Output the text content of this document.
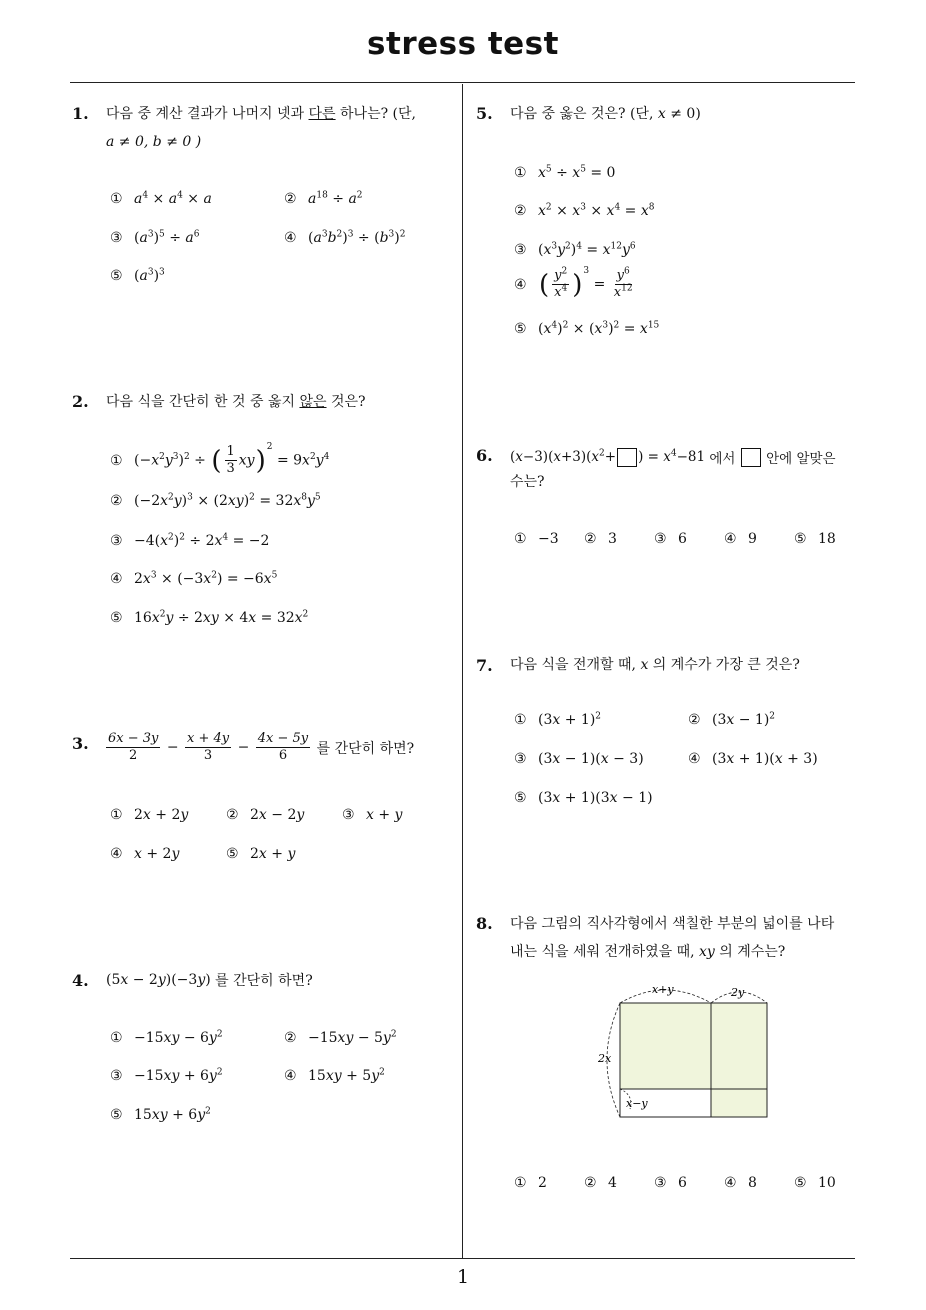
stress test
1
1. 다음 중 계산 결과가 나머지 넷과 다른 하나는? (단,
a ≠ 0, b ≠ 0 )
① $a^4 \times a^4 \times a$	② $a^{18} \div a^2$
③ $(a^3)^5 \div a^6$	④ $(a^3b^2)^3 \div (b^3)^2$
⑤ $(a^3)^3$
2. 다음 식을 간단히 한 것 중 옳지 않은 것은?
① $(-x^2y^3)^2$ ÷ ( $\frac{1}{3} xy)^2 = 9x^2y^4$
② $(-2x^2y)^3 \times (2xy)^2 = 32x^8y^5$
③ $-4(x^2)^2 \div 2x^4 = -2$
④ $2x^3 \times (-3x^2) = -6x^5$
⑤ $16x^2y \div 2xy \times 4x = 32x^2$
3. $\frac{6x - 3y}{2} - \frac{x + 4y}{3} - \frac{4x - 5y}{6}$
를 간단히 하면?
① 2x + 2y	② 2x − 2y	③ x + y
④ x + 2y	⑤ 2x + y
4. (5x − 2y)(−3y)
를 간단히 하면?
① $-15xy - 6y^2$	② $-15xy - 5y^2$
③ $-15xy + 6y^2$	④ $15xy + 5y^2$
⑤ $15xy + 6y^2$
5. 다음 중 옳은 것은? (단, x ≠ 0)
① $x^5 \div x^5 = 0$
② $x^2 \times x^3 \times x^4 = x^8$
③ $(x^3y^2)^4 = x^{12}y^6$
④ ( $\frac{y^2}{x^4} )^3 = \frac{y^6}{x^{12}}$
⑤ $(x^4)^2 \times (x^3)^2 = x^{15}$
6. $(x-3)(x+3)(x^2+$ ) = $x^4-81$
에서

안에 알맞은
수는?
① −3 ② 3	③ 6	④ 9	⑤ 18
7. 다음 식을 전개할 때, x 의 계수가 가장 큰 것은?
① $(3x + 1)^2$	② $(3x - 1)^2$
③ (3x − 1)(x − 3)	④ (3x + 1)(x + 3)
⑤ (3x + 1)(3x − 1)
8. 다음 그림의 직사각형에서 색칠한 부분의 넓이를 나타
내는 식을 세워 전개하였을 때, xy 의 계수는?
x+y	2y
2x
x−y
① 2	② 4	③ 6	④ 8	⑤ 10
